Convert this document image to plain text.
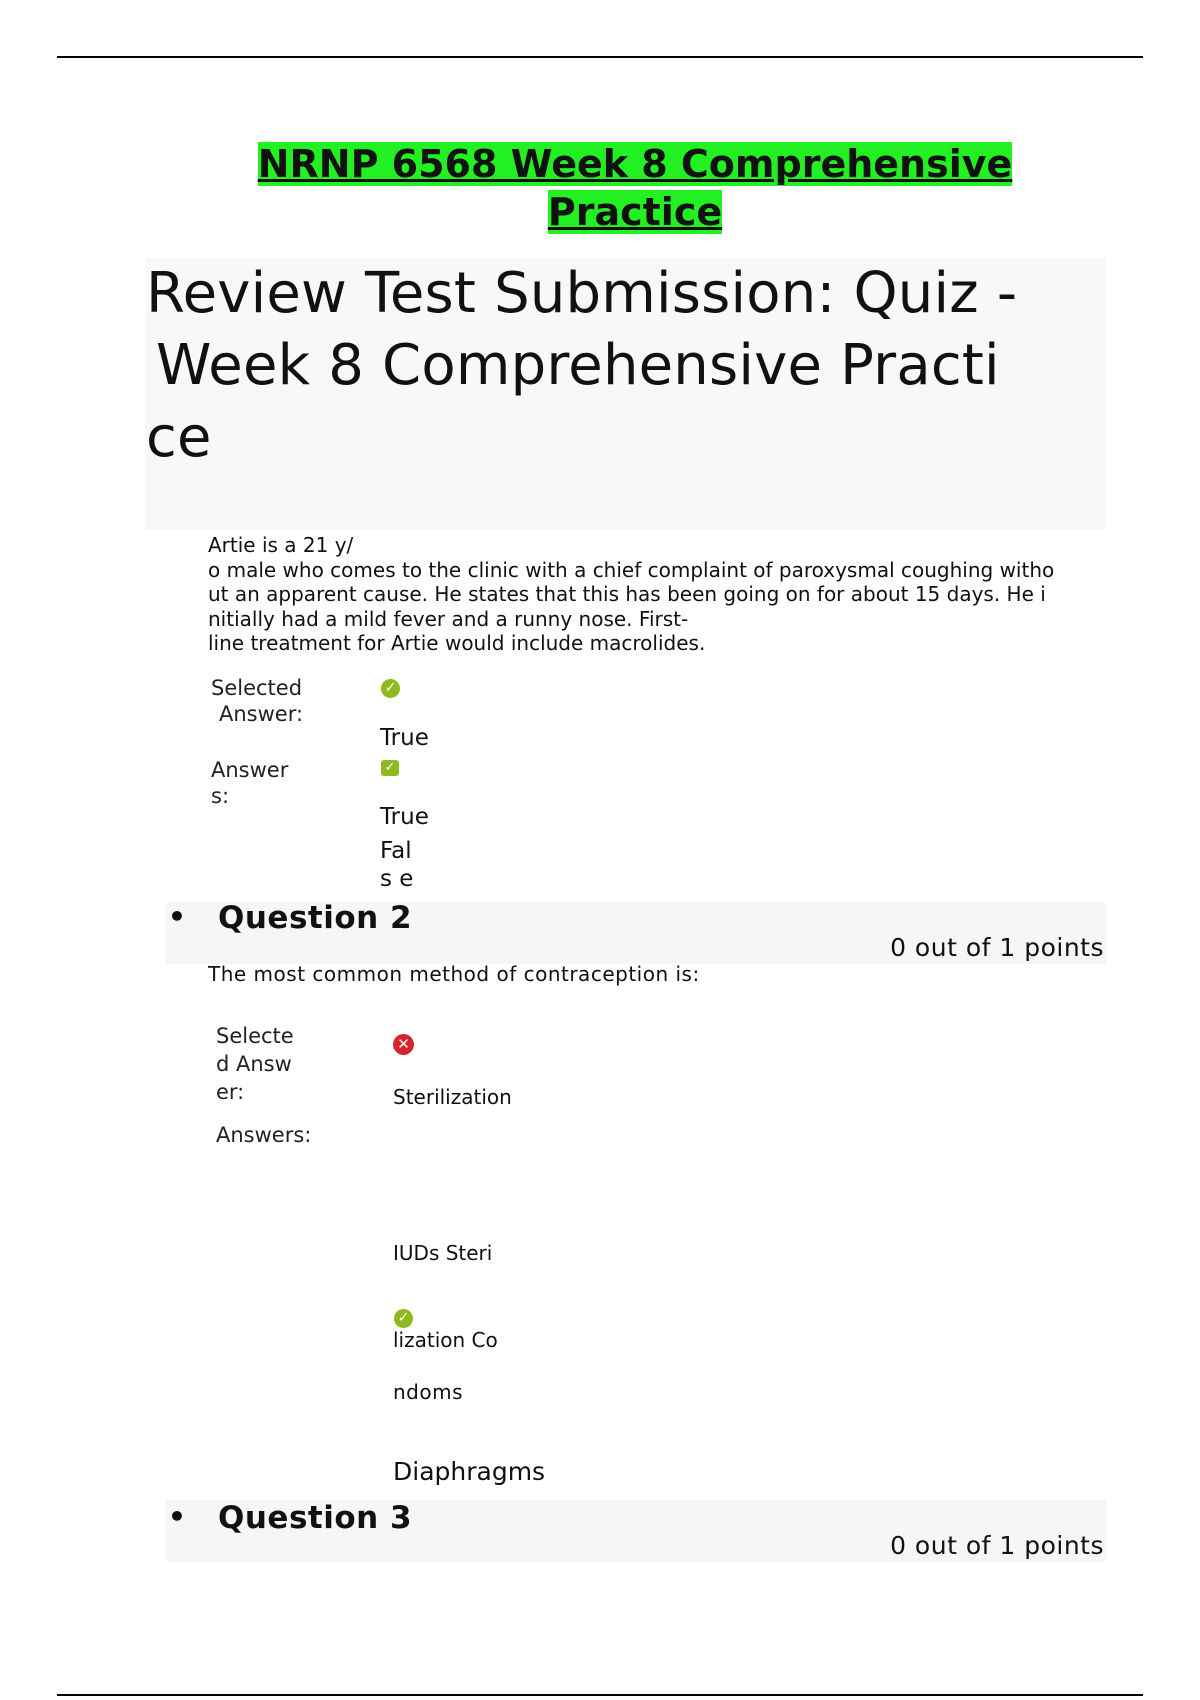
NRNP 6568 Week 8 Comprehensive
Practice
Review Test Submission: Quiz -
Week 8 Comprehensive Practi
ce
Artie is a 21 y/
o male who comes to the clinic with a chief complaint of paroxysmal coughing witho
ut an apparent cause. He states that this has been going on for about 15 days. He i
nitially had a mild fever and a runny nose. First-
line treatment for Artie would include macrolides.
Selected
Answer:
✓
True
Answer
s:
✓
True
Fal
s e
• Question 2
0 out of 1 points
The most common method of contraception is:
Selecte
d Answ
er:
✕
Sterilization
Answers:
IUDs Steri
✓
lization Co
ndoms
Diaphragms
• Question 3
0 out of 1 points
